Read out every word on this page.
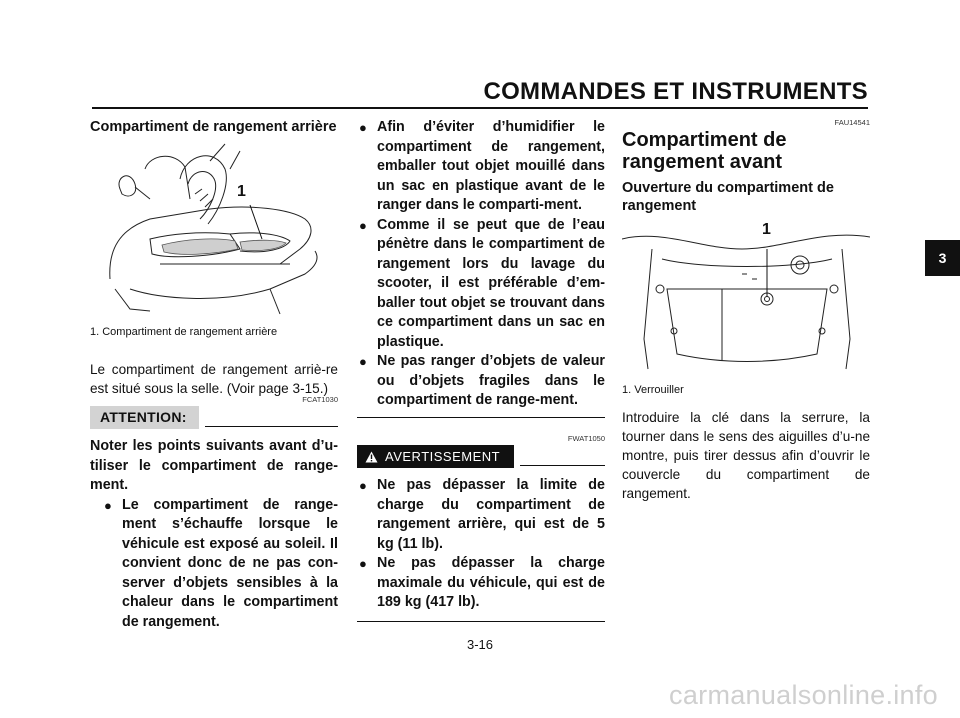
COMMANDES ET INSTRUMENTS
3

Compartiment de rangement arrière

1
1. Compartiment de rangement arrière
Le compartiment de rangement arriè-re est situé sous la selle. (Voir page 3-15.)
FCAT1030
ATTENTION:
Noter les points suivants avant d’u-tiliser le compartiment de range-ment.
● Le compartiment de range-ment s’échauffe lorsque le véhicule est exposé au soleil. Il convient donc de ne pas con-server d’objets sensibles à la chaleur dans le compartiment de rangement.
● Afin d’éviter d’humidifier le compartiment de rangement, emballer tout objet mouillé dans un sac en plastique avant de le ranger dans le comparti-ment.
● Comme il se peut que de l’eau pénètre dans le compartiment de rangement lors du lavage du scooter, il est préférable d’em-baller tout objet se trouvant dans ce compartiment dans un sac en plastique.
● Ne pas ranger d’objets de valeur ou d’objets fragiles dans le compartiment de range-ment.
FWAT1050
AVERTISSEMENT
● Ne pas dépasser la limite de charge du compartiment de rangement arrière, qui est de 5 kg (11 lb).
● Ne pas dépasser la charge maximale du véhicule, qui est de 189 kg (417 lb).
FAU14541

Compartiment de rangement avant

Ouverture du compartiment de rangement

1
1. Verrouiller
Introduire la clé dans la serrure, la tourner dans le sens des aiguilles d’u-ne montre, puis tirer dessus afin d’ouvrir le couvercle du compartiment de rangement.
3-16
carmanualsonline.info
